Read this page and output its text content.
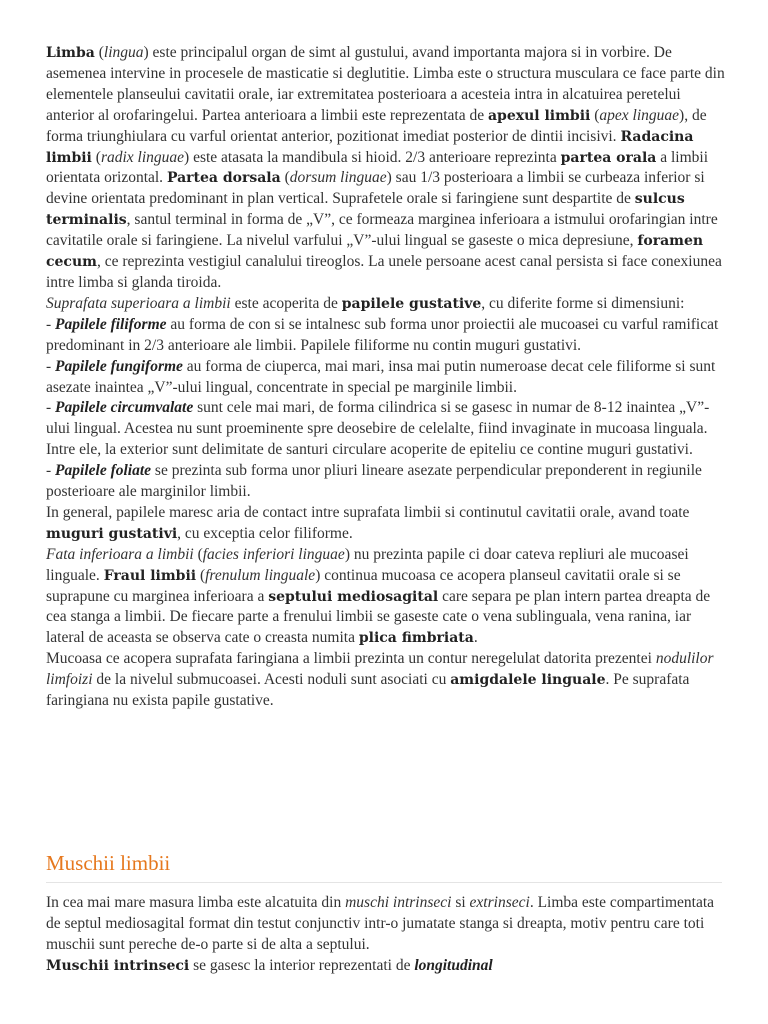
Limba (lingua) este principalul organ de simt al gustului, avand importanta majora si in vorbire. De asemenea intervine in procesele de masticatie si deglutitie. Limba este o structura musculara ce face parte din elementele planseului cavitatii orale, iar extremitatea posterioara a acesteia intra in alcatuirea peretelui anterior al orofaringelui. Partea anterioara a limbii este reprezentata de apexul limbii (apex linguae), de forma triunghiulara cu varful orientat anterior, pozitionat imediat posterior de dintii incisivi. Radacina limbii (radix linguae) este atasata la mandibula si hioid. 2/3 anterioare reprezinta partea orala a limbii orientata orizontal. Partea dorsala (dorsum linguae) sau 1/3 posterioara a limbii se curbeaza inferior si devine orientata predominant in plan vertical. Suprafetele orale si faringiene sunt despartite de sulcus terminalis, santul terminal in forma de „V”, ce formeaza marginea inferioara a istmului orofaringian intre cavitatile orale si faringiene. La nivelul varfului „V”-ului lingual se gaseste o mica depresiune, foramen cecum, ce reprezinta vestigiul canalului tireoglos. La unele persoane acest canal persista si face conexiunea intre limba si glanda tiroida.

Suprafata superioara a limbii este acoperita de papilele gustative, cu diferite forme si dimensiuni:

- Papilele filiforme au forma de con si se intalnesc sub forma unor proiectii ale mucoasei cu varful ramificat predominant in 2/3 anterioare ale limbii. Papilele filiforme nu contin muguri gustativi.

- Papilele fungiforme au forma de ciuperca, mai mari, insa mai putin numeroase decat cele filiforme si sunt asezate inaintea „V”-ului lingual, concentrate in special pe marginile limbii.

- Papilele circumvalate sunt cele mai mari, de forma cilindrica si se gasesc in numar de 8-12 inaintea „V”-ului lingual. Acestea nu sunt proeminente spre deosebire de celelalte, fiind invaginate in mucoasa linguala. Intre ele, la exterior sunt delimitate de santuri circulare acoperite de epiteliu ce contine muguri gustativi.

- Papilele foliate se prezinta sub forma unor pliuri lineare asezate perpendicular preponderent in regiunile posterioare ale marginilor limbii.

In general, papilele maresc aria de contact intre suprafata limbii si continutul cavitatii orale, avand toate muguri gustativi, cu exceptia celor filiforme.

Fata inferioara a limbii (facies inferiori linguae) nu prezinta papile ci doar cateva repliuri ale mucoasei linguale. Fraul limbii (frenulum linguale) continua mucoasa ce acopera planseul cavitatii orale si se suprapune cu marginea inferioara a septului mediosagital care separa pe plan intern partea dreapta de cea stanga a limbii. De fiecare parte a frenului limbii se gaseste cate o vena sublinguala, vena ranina, iar lateral de aceasta se observa cate o creasta numita plica fimbriata.

Mucoasa ce acopera suprafata faringiana a limbii prezinta un contur neregelulat datorita prezentei nodulilor limfoizi de la nivelul submucoasei. Acesti noduli sunt asociati cu amigdalele linguale. Pe suprafata faringiana nu exista papile gustative.

Muschii limbii

In cea mai mare masura limba este alcatuita din muschi intrinseci si extrinseci. Limba este compartimentata de septul mediosagital format din testut conjunctiv intr-o jumatate stanga si dreapta, motiv pentru care toti muschii sunt pereche de-o parte si de alta a septului.

Muschii intrinseci se gasesc la interior reprezentati de longitudinal
